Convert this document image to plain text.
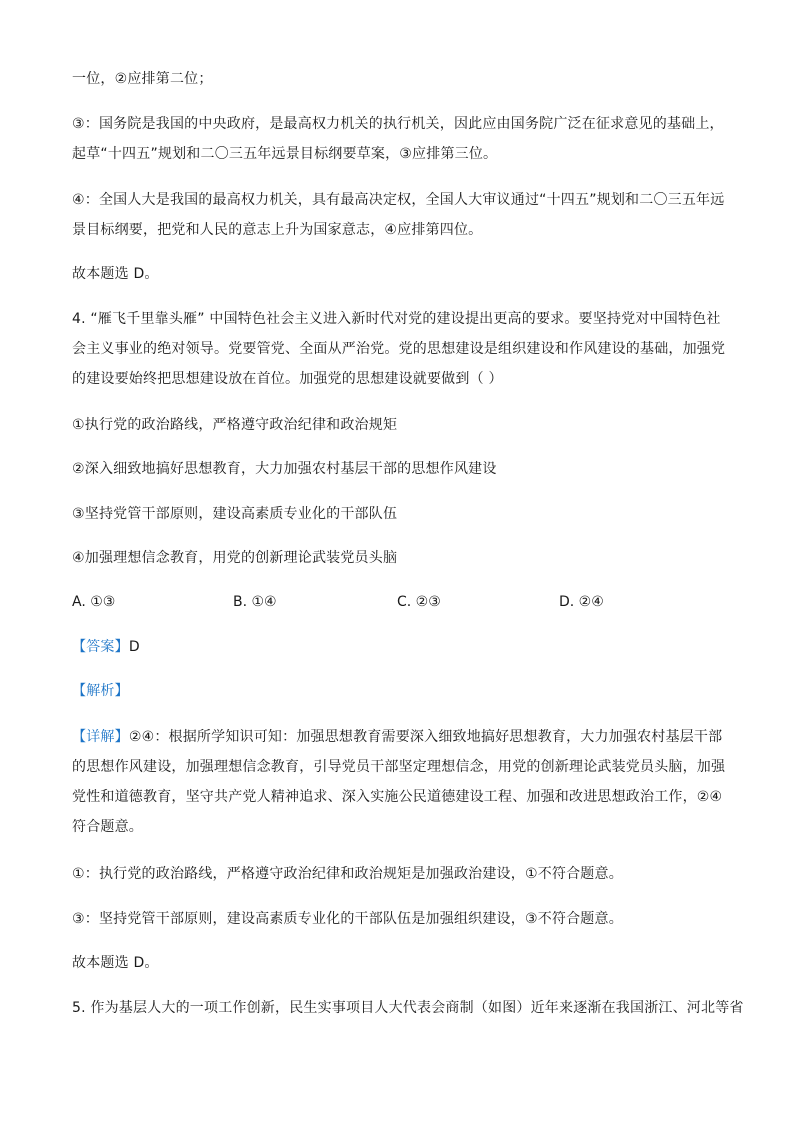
一位，②应排第二位；
③：国务院是我国的中央政府，是最高权力机关的执行机关，因此应由国务院广泛在征求意见的基础上，
起草“十四五”规划和二〇三五年远景目标纲要草案，③应排第三位。
④：全国人大是我国的最高权力机关，具有最高决定权，全国人大审议通过“十四五”规划和二〇三五年远
景目标纲要，把党和人民的意志上升为国家意志，④应排第四位。
故本题选 D。
4. “雁飞千里靠头雁” 中国特色社会主义进入新时代对党的建设提出更高的要求。要坚持党对中国特色社
会主义事业的绝对领导。党要管党、全面从严治党。党的思想建设是组织建设和作风建设的基础，加强党
的建设要始终把思想建设放在首位。加强党的思想建设就要做到（ ）
①执行党的政治路线，严格遵守政治纪律和政治规矩
②深入细致地搞好思想教育，大力加强农村基层干部的思想作风建设
③坚持党管干部原则，建设高素质专业化的干部队伍
④加强理想信念教育，用党的创新理论武装党员头脑
A. ①③	B. ①④	C. ②③	D. ②④
【答案】D
【解析】
【详解】②④：根据所学知识可知：加强思想教育需要深入细致地搞好思想教育，大力加强农村基层干部
的思想作风建设，加强理想信念教育，引导党员干部坚定理想信念，用党的创新理论武装党员头脑，加强
党性和道德教育，坚守共产党人精神追求、深入实施公民道德建设工程、加强和改进思想政治工作，②④
符合题意。
①：执行党的政治路线，严格遵守政治纪律和政治规矩是加强政治建设，①不符合题意。
③：坚持党管干部原则，建设高素质专业化的干部队伍是加强组织建设，③不符合题意。
故本题选 D。
5. 作为基层人大的一项工作创新，民生实事项目人大代表会商制（如图）近年来逐渐在我国浙江、河北等省
